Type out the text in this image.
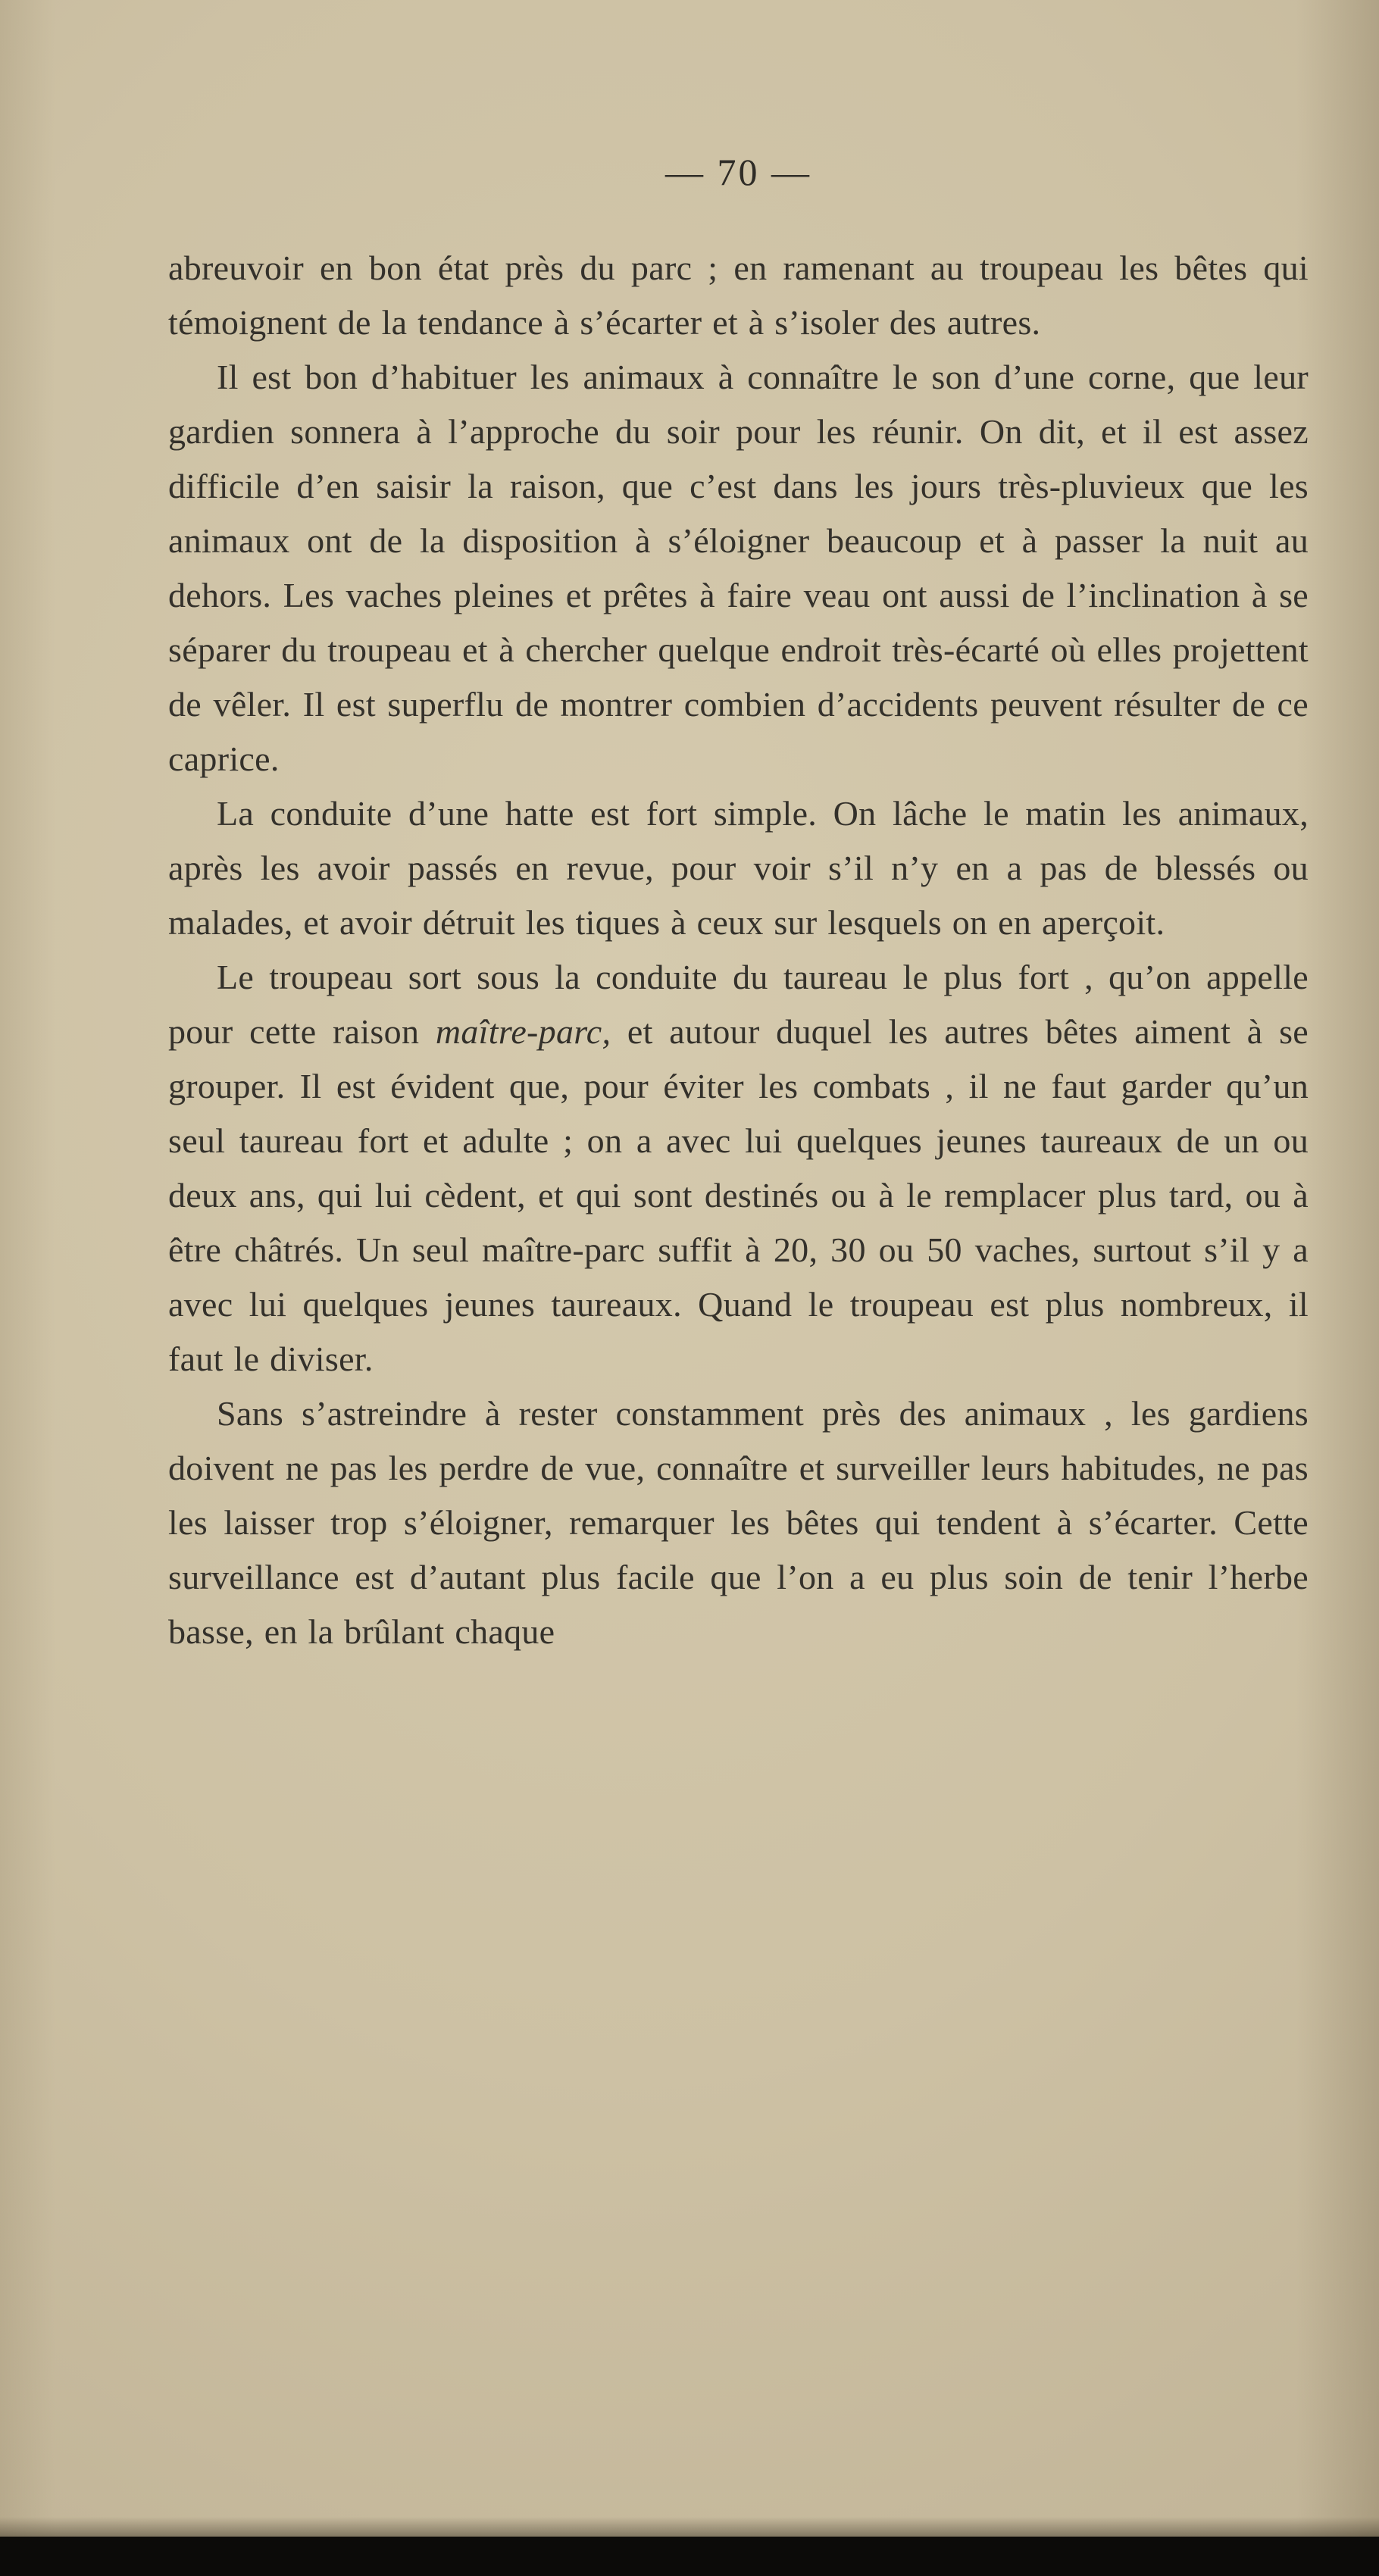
— 70 —

abreuvoir en bon état près du parc ; en ramenant au troupeau les bêtes qui témoignent de la tendance à s’écarter et à s’isoler des autres.

Il est bon d’habituer les animaux à connaître le son d’une corne, que leur gardien sonnera à l’approche du soir pour les réunir. On dit, et il est assez difficile d’en saisir la raison, que c’est dans les jours très-pluvieux que les animaux ont de la disposition à s’éloigner beaucoup et à passer la nuit au dehors. Les vaches pleines et prêtes à faire veau ont aussi de l’inclination à se séparer du troupeau et à chercher quelque endroit très-écarté où elles projettent de vêler. Il est superflu de montrer combien d’accidents peuvent résulter de ce caprice.

La conduite d’une hatte est fort simple. On lâche le matin les animaux, après les avoir passés en revue, pour voir s’il n’y en a pas de blessés ou malades, et avoir détruit les tiques à ceux sur lesquels on en aperçoit.

Le troupeau sort sous la conduite du taureau le plus fort , qu’on appelle pour cette raison maître-parc, et autour duquel les autres bêtes aiment à se grouper. Il est évident que, pour éviter les combats , il ne faut garder qu’un seul taureau fort et adulte ; on a avec lui quelques jeunes taureaux de un ou deux ans, qui lui cèdent, et qui sont destinés ou à le remplacer plus tard, ou à être châtrés. Un seul maître-parc suffit à 20, 30 ou 50 vaches, surtout s’il y a avec lui quelques jeunes taureaux. Quand le troupeau est plus nombreux, il faut le diviser.

Sans s’astreindre à rester constamment près des animaux , les gardiens doivent ne pas les perdre de vue, connaître et surveiller leurs habitudes, ne pas les laisser trop s’éloigner, remarquer les bêtes qui tendent à s’écarter. Cette surveillance est d’autant plus facile que l’on a eu plus soin de tenir l’herbe basse, en la brûlant chaque
